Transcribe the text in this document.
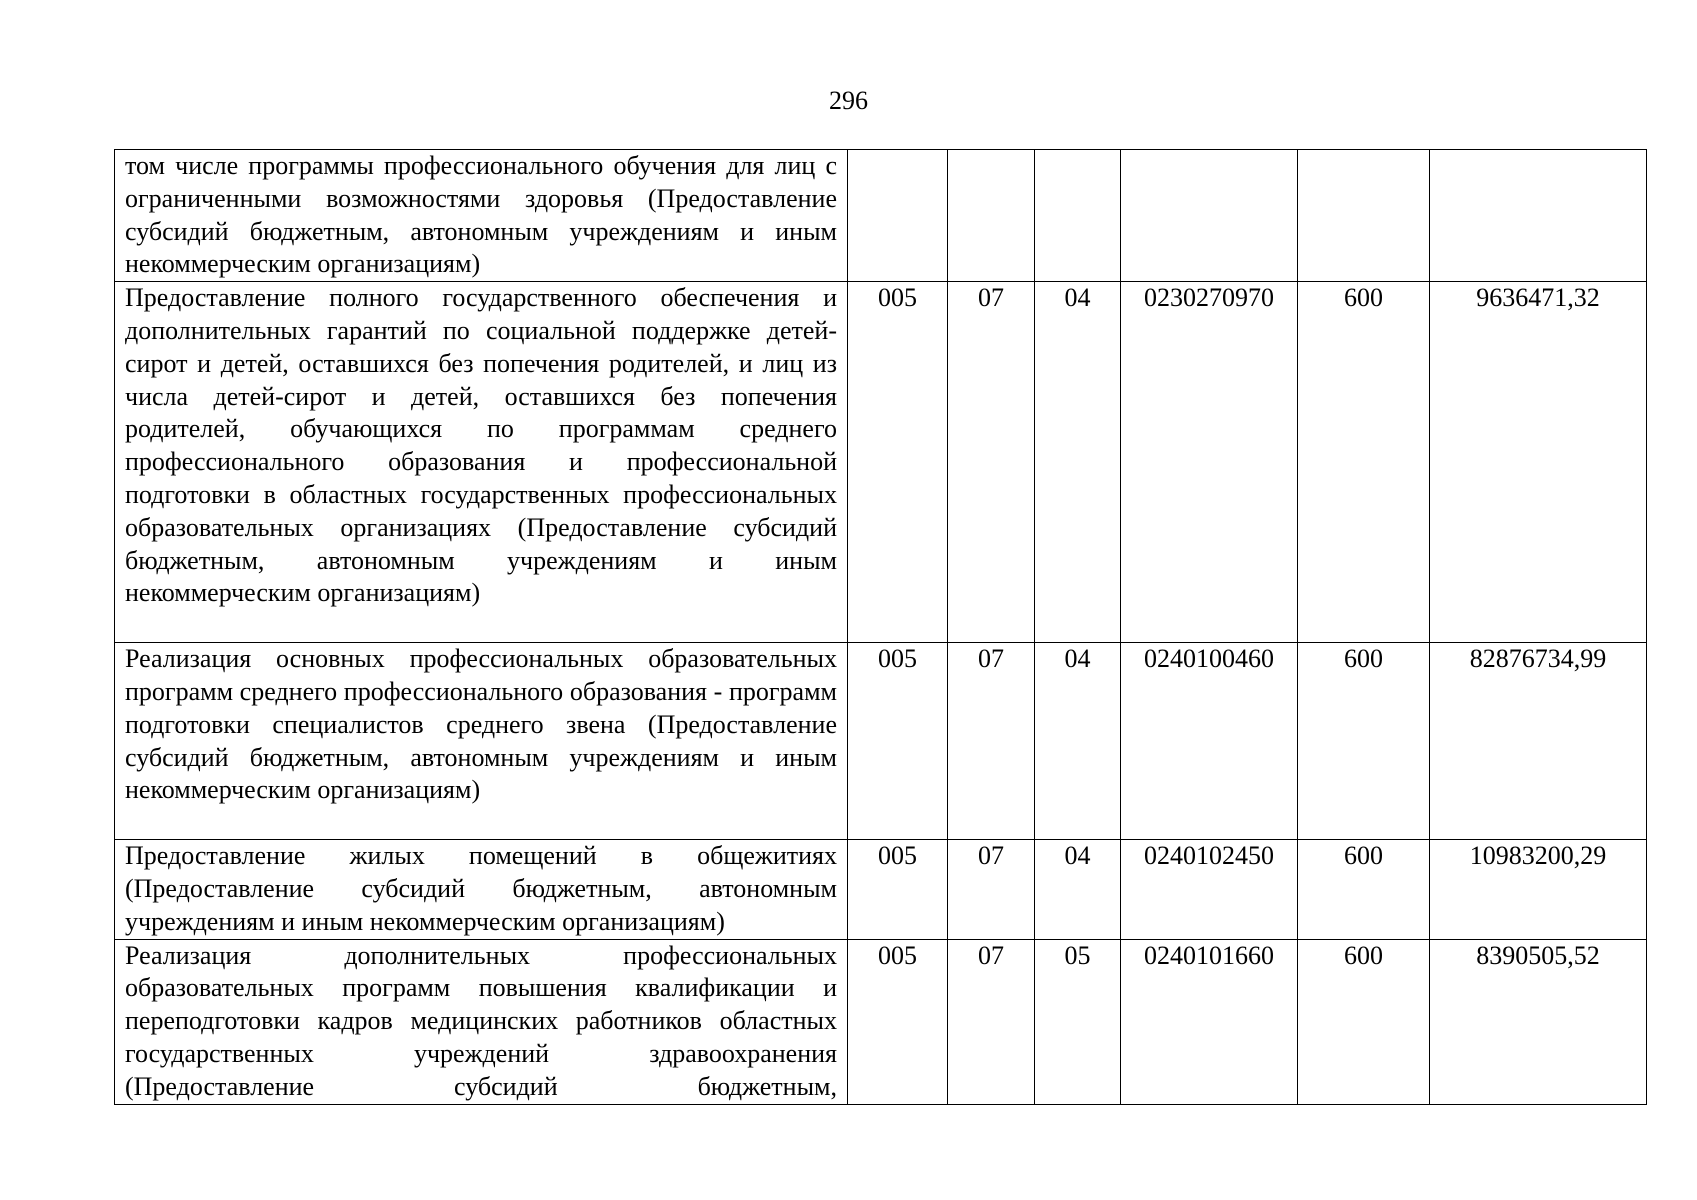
296
том числе программы профессионального обучения для лиц с ограниченными возможностями здоровья (Предоставление субсидий бюджетным, автономным учреждениям и иным некоммерческим организациям)						
Предоставление полного государственного обеспечения и дополнительных гарантий по социальной поддержке детей-сирот и детей, оставшихся без попечения родителей, и лиц из числа детей-сирот и детей, оставшихся без попечения родителей, обучающихся по программам среднего профессионального образования и профессиональной подготовки в областных государственных профессиональных образовательных организациях (Предоставление субсидий бюджетным, автономным учреждениям и иным некоммерческим организациям)	005	07	04	0230270970	600	9636471,32
Реализация основных профессиональных образовательных программ среднего профессионального образования - программ подготовки специалистов среднего звена (Предоставление субсидий бюджетным, автономным учреждениям и иным некоммерческим организациям)	005	07	04	0240100460	600	82876734,99
Предоставление жилых помещений в общежитиях (Предоставление субсидий бюджетным, автономным учреждениям и иным некоммерческим организациям)	005	07	04	0240102450	600	10983200,29
Реализация дополнительных профессиональных образовательных программ повышения квалификации и переподготовки кадров медицинских работников областных государственных учреждений здравоохранения (Предоставление субсидий бюджетным,	005	07	05	0240101660	600	8390505,52
